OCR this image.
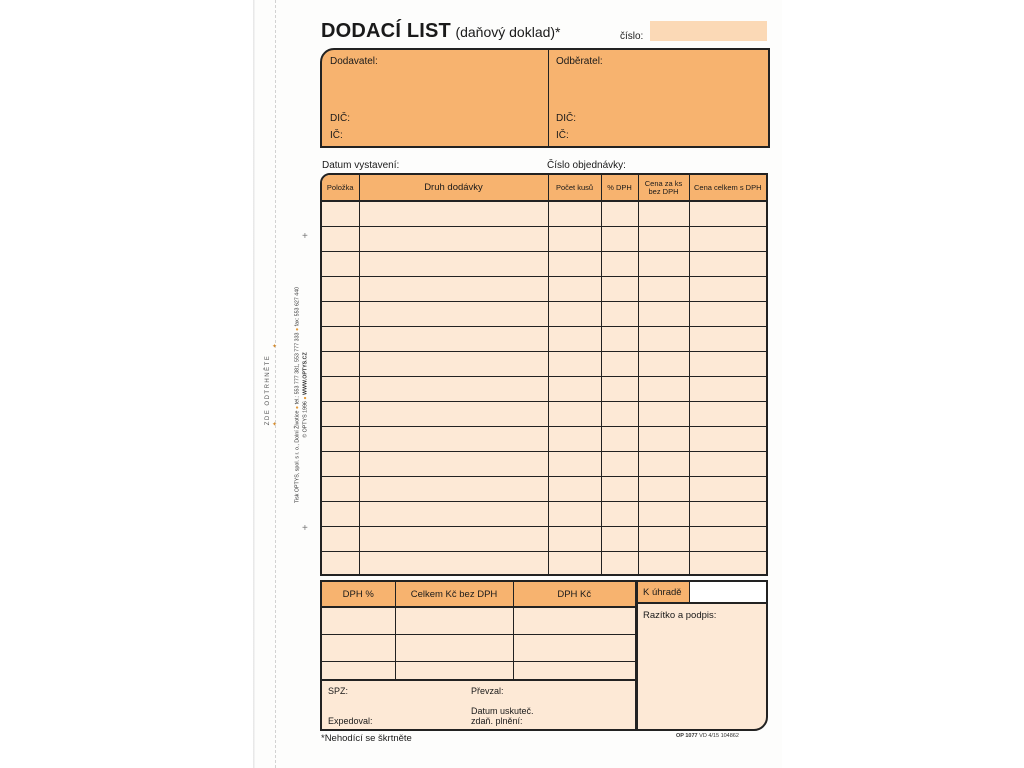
✦
✦
ZDE ODTRHNĚTE
Tisk OPTYS, spol. s r. o., Dolní Životice ● tel.: 553 777 381, 553 777 333 ● fax: 553 627 440
© OPTYS 1996 ● WWW.OPTYS.CZ
+
+
DODACÍ LIST (daňový doklad)*	číslo:
Dodavatel:
DIČ:
IČ:
Odběratel:
DIČ:
IČ:
Datum vystavení:	Číslo objednávky:
Položka	Druh dodávky	Počet kusů	% DPH	Cena za ks bez DPH	Cena celkem s DPH

DPH %	Celkem Kč bez DPH	DPH Kč

SPZ:	Převzal:
Datum uskuteč.
zdaň. plnění:
Expedoval:
K úhradě
Razítko a podpis:
*Nehodící se škrtněte	OP 1077 VD 4/15 104862
